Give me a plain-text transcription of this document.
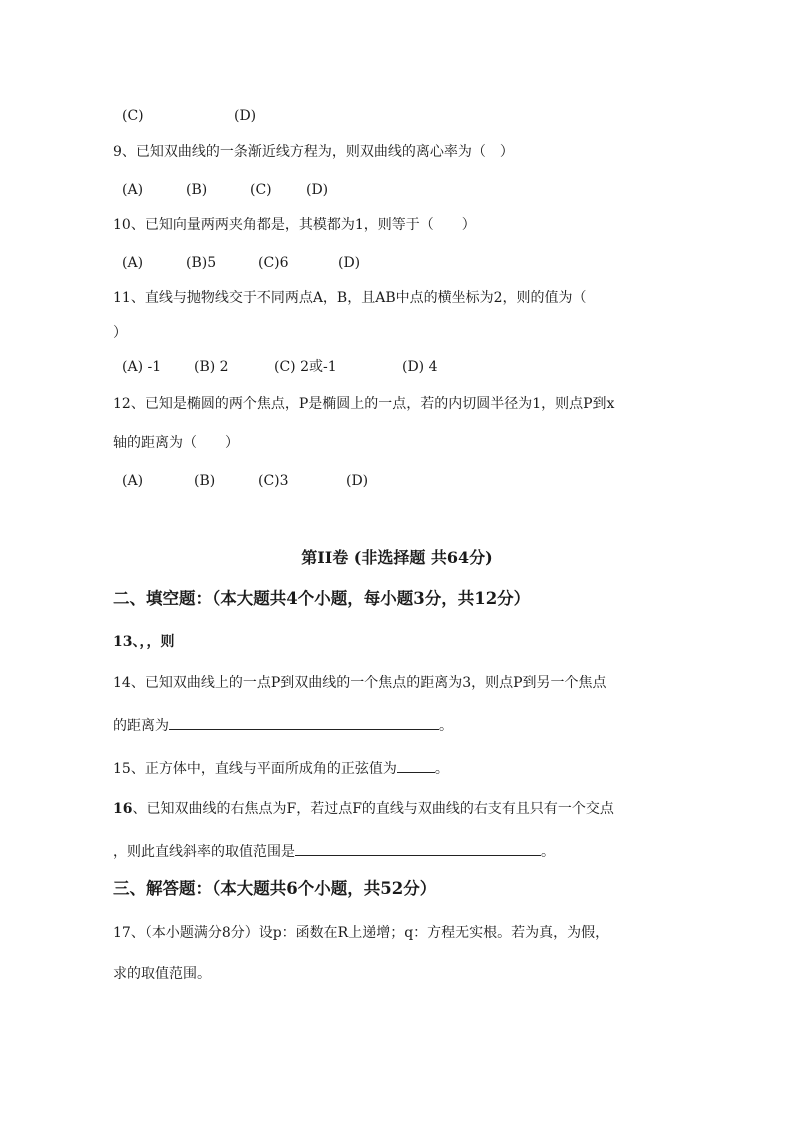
(C)	(D)
9、已知双曲线的一条渐近线方程为，则双曲线的离心率为（　）
(A)	(B)	(C) (D)
10、已知向量两两夹角都是，其模都为1，则等于（　　）
(A)	(B)5	(C)6	(D)
11、直线与抛物线交于不同两点A，B，且AB中点的横坐标为2，则的值为（
）
(A) -1 (B) 2	(C) 2或-1	(D) 4
12、已知是椭圆的两个焦点，P是椭圆上的一点，若的内切圆半径为1，则点P到x
轴的距离为（　　）
(A)	(B)	(C)3	(D)
第II卷 (非选择题 共64分)
二、填空题：（本大题共4个小题，每小题3分，共12分）
13、，，则
14、已知双曲线上的一点P到双曲线的一个焦点的距离为3，则点P到另一个焦点
的距离为	。
15、正方体中，直线与平面所成角的正弦值为	。
16、已知双曲线的右焦点为F，若过点F的直线与双曲线的右支有且只有一个交点
，则此直线斜率的取值范围是	。
三、解答题：（本大题共6个小题，共52分）
17、（本小题满分8分）设p：函数在R上递增；q：方程无实根。若为真，为假，
求的取值范围。
